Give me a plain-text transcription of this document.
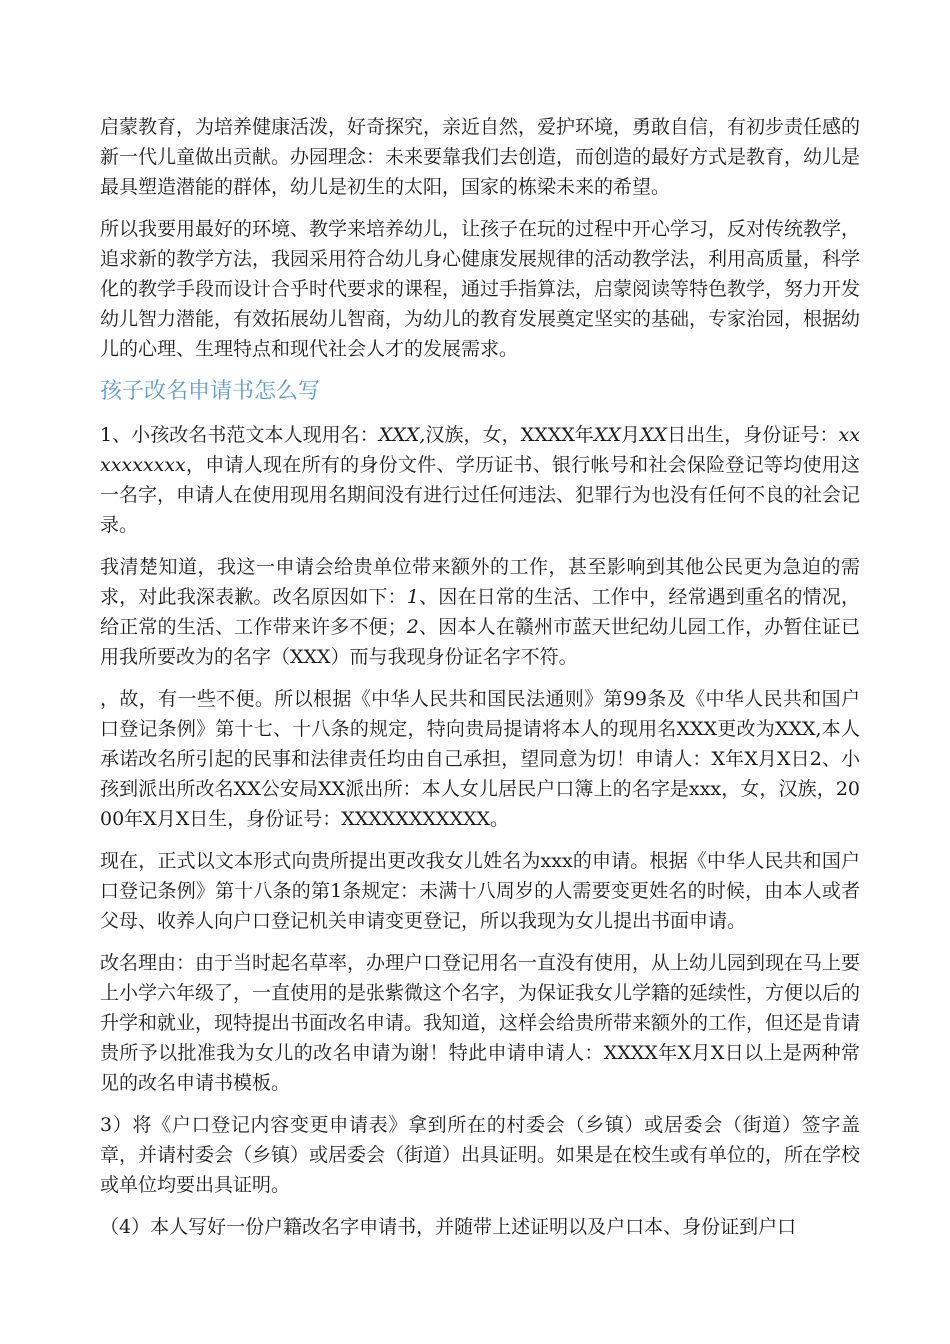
启蒙教育，为培养健康活泼，好奇探究，亲近自然，爱护环境，勇敢自信，有初步责任感的新一代儿童做出贡献。办园理念：未来要靠我们去创造，而创造的最好方式是教育，幼儿是最具塑造潜能的群体，幼儿是初生的太阳，国家的栋梁未来的希望。

所以我要用最好的环境、教学来培养幼儿，让孩子在玩的过程中开心学习，反对传统教学，追求新的教学方法，我园采用符合幼儿身心健康发展规律的活动教学法，利用高质量，科学化的教学手段而设计合乎时代要求的课程，通过手指算法，启蒙阅读等特色教学，努力开发幼儿智力潜能，有效拓展幼儿智商，为幼儿的教育发展奠定坚实的基础，专家治园，根据幼儿的心理、生理特点和现代社会人才的发展需求。

孩子改名申请书怎么写

1、小孩改名书范文本人现用名：XXX,汉族，女，XXXX年XX月XX日出生，身份证号：xxxxxxxxxx，申请人现在所有的身份文件、学历证书、银行帐号和社会保险登记等均使用这一名字，申请人在使用现用名期间没有进行过任何违法、犯罪行为也没有任何不良的社会记录。

我清楚知道，我这一申请会给贵单位带来额外的工作，甚至影响到其他公民更为急迫的需求，对此我深表歉。改名原因如下：1、因在日常的生活、工作中，经常遇到重名的情况，给正常的生活、工作带来许多不便；2、因本人在赣州市蓝天世纪幼儿园工作，办暂住证已用我所要改为的名字（XXX）而与我现身份证名字不符。

，故，有一些不便。所以根据《中华人民共和国民法通则》第99条及《中华人民共和国户口登记条例》第十七、十八条的规定，特向贵局提请将本人的现用名XXX更改为XXX,本人承诺改名所引起的民事和法律责任均由自己承担，望同意为切！申请人：X年X月X日2、小孩到派出所改名XX公安局XX派出所：本人女儿居民户口簿上的名字是xxx，女，汉族，2000年X月X日生，身份证号：XXXXXXXXXXX。

现在，正式以文本形式向贵所提出更改我女儿姓名为xxx的申请。根据《中华人民共和国户口登记条例》第十八条的第1条规定：未满十八周岁的人需要变更姓名的时候，由本人或者父母、收养人向户口登记机关申请变更登记，所以我现为女儿提出书面申请。

改名理由：由于当时起名草率，办理户口登记用名一直没有使用，从上幼儿园到现在马上要上小学六年级了，一直使用的是张紫微这个名字，为保证我女儿学籍的延续性，方便以后的升学和就业，现特提出书面改名申请。我知道，这样会给贵所带来额外的工作，但还是肯请贵所予以批准我为女儿的改名申请为谢！特此申请申请人：XXXX年X月X日以上是两种常见的改名申请书模板。

3）将《户口登记内容变更申请表》拿到所在的村委会（乡镇）或居委会（街道）签字盖章，并请村委会（乡镇）或居委会（街道）出具证明。如果是在校生或有单位的，所在学校或单位均要出具证明。

（4）本人写好一份户籍改名字申请书，并随带上述证明以及户口本、身份证到户口
